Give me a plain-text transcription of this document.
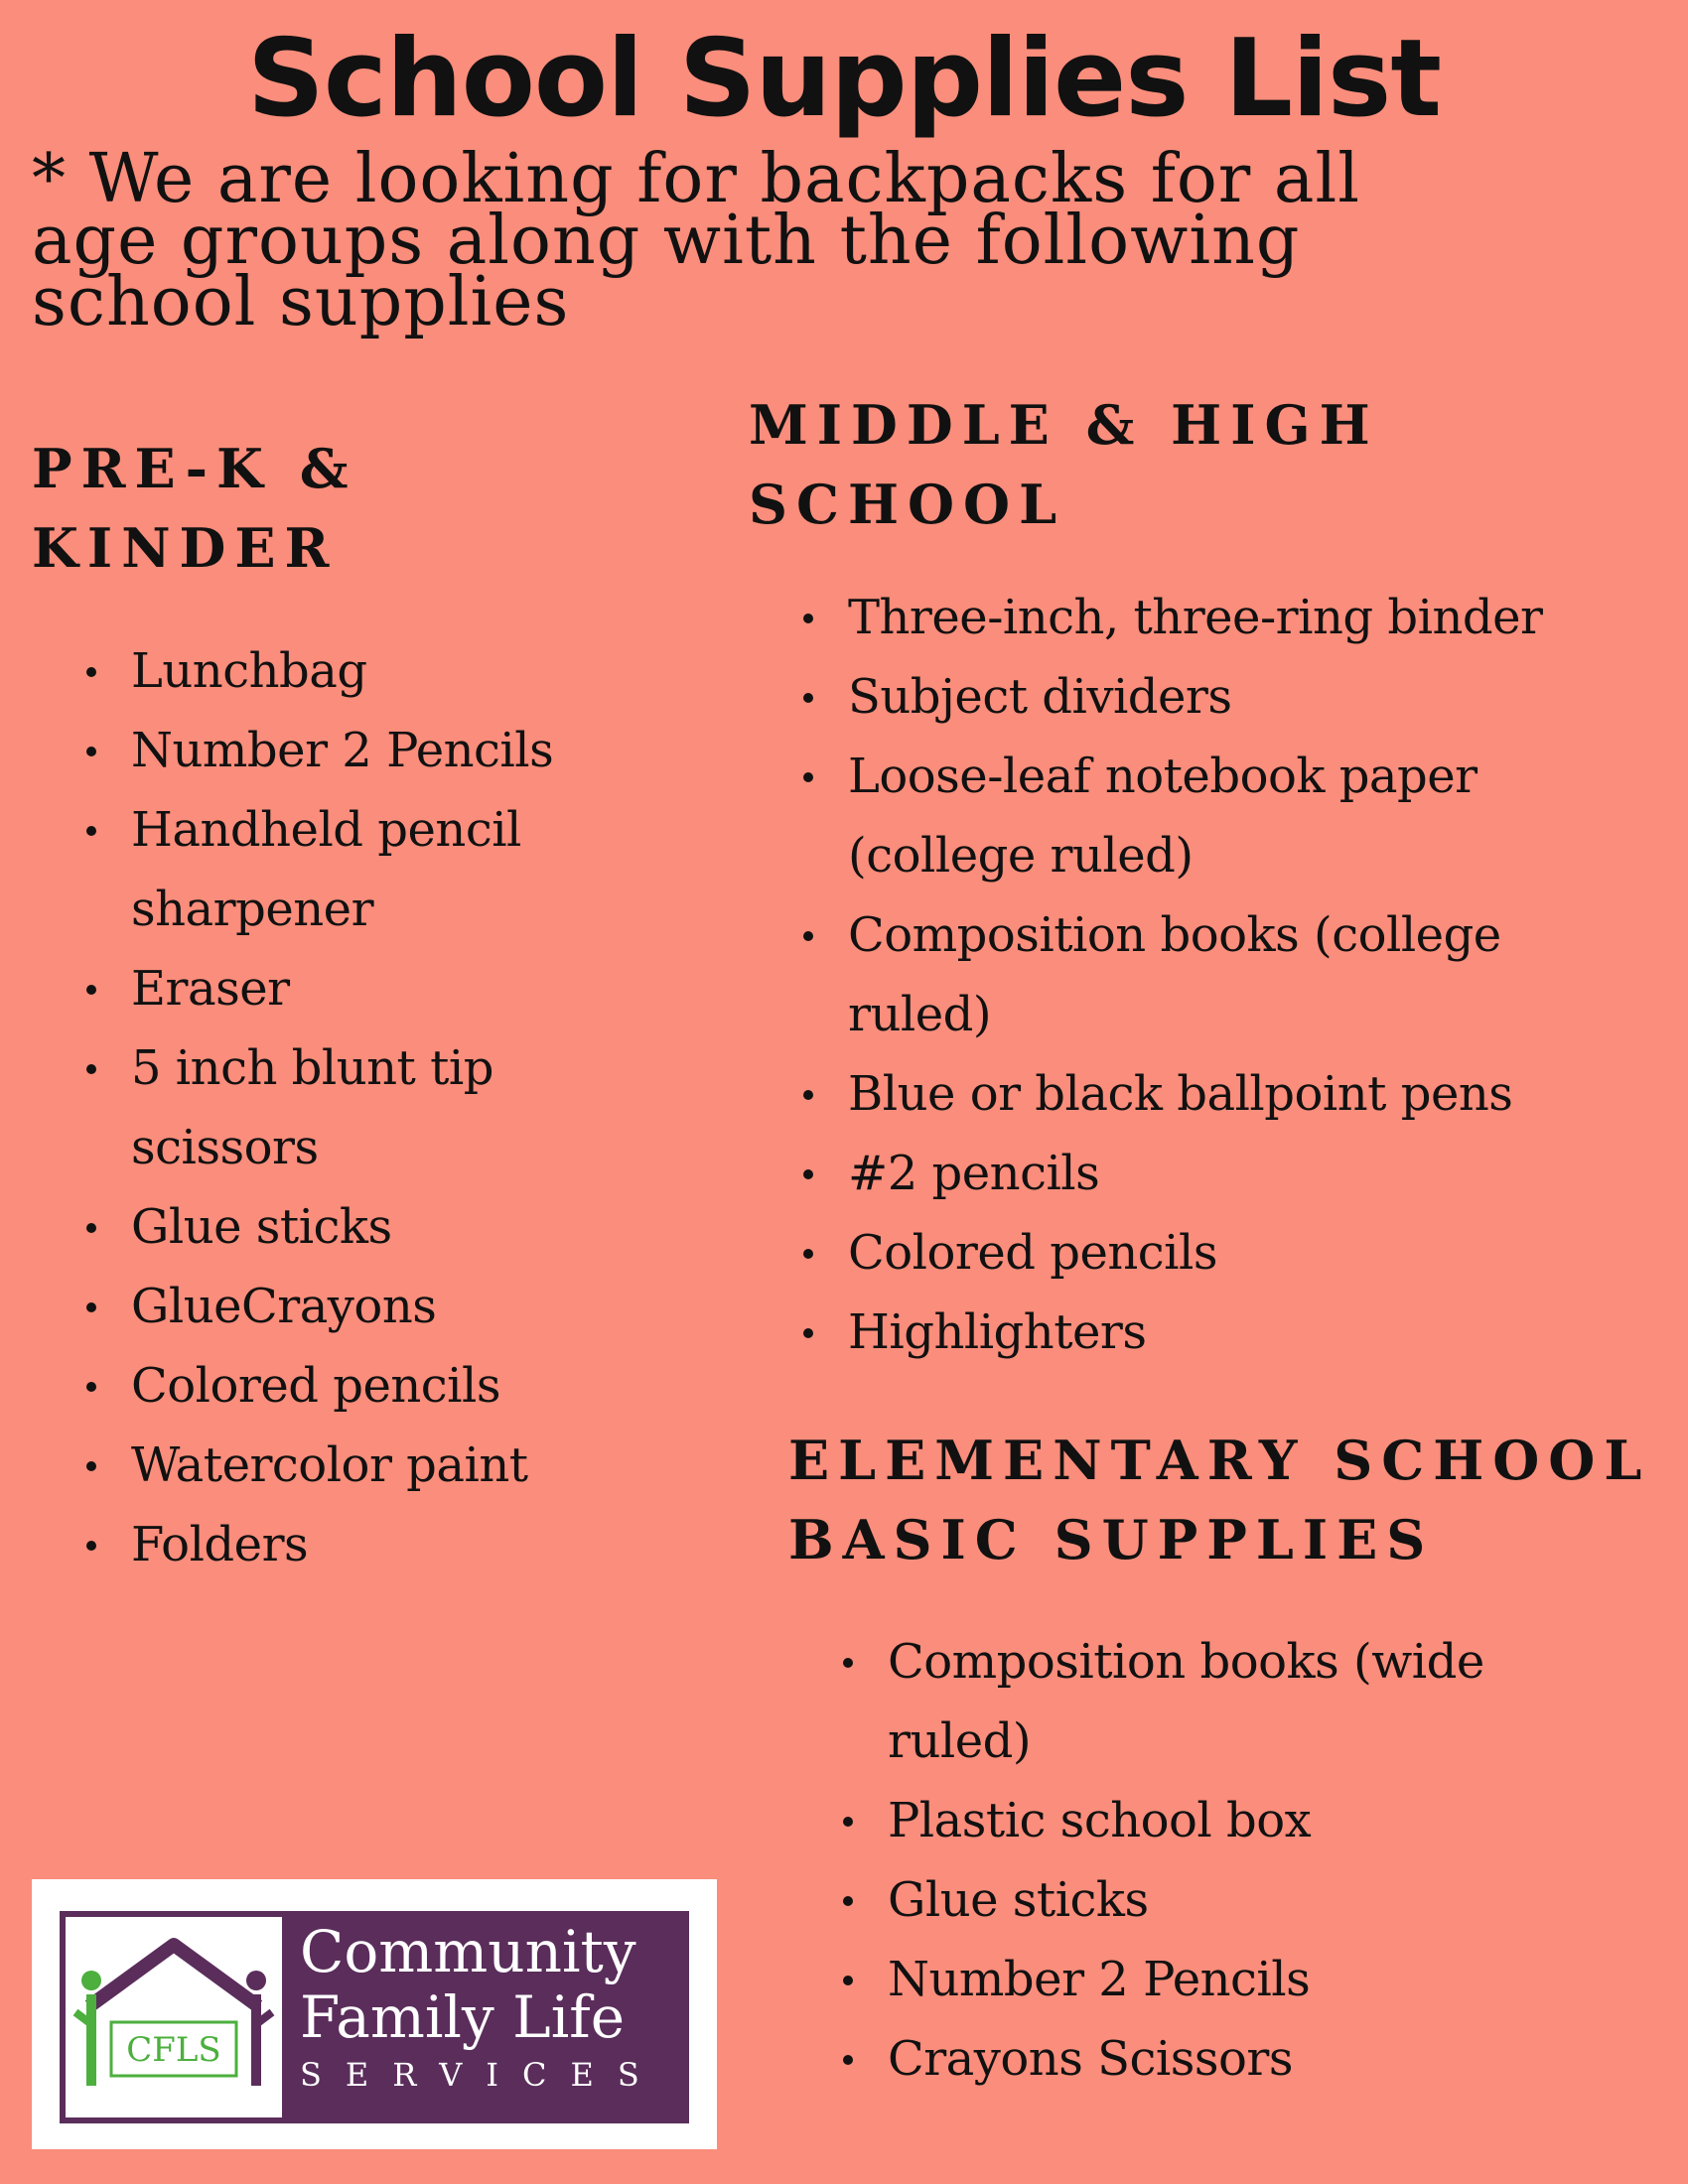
School Supplies List
* We are looking for backpacks for all
age groups along with the following
school supplies
PRE-K &
KINDER
Lunchbag
Number 2 Pencils
Handheld pencil
sharpener
Eraser
5 inch blunt tip
scissors
Glue sticks
GlueCrayons
Colored pencils
Watercolor paint
Folders
MIDDLE & HIGH
SCHOOL
Three-inch, three-ring binder
Subject dividers
Loose-leaf notebook paper
(college ruled)
Composition books (college
ruled)
Blue or black ballpoint pens
#2 pencils
Colored pencils
Highlighters
ELEMENTARY SCHOOL
BASIC SUPPLIES
Composition books (wide
ruled)
Plastic school box
Glue sticks
Number 2 Pencils
Crayons Scissors
CFLS
Community
Family Life
SERVICES
